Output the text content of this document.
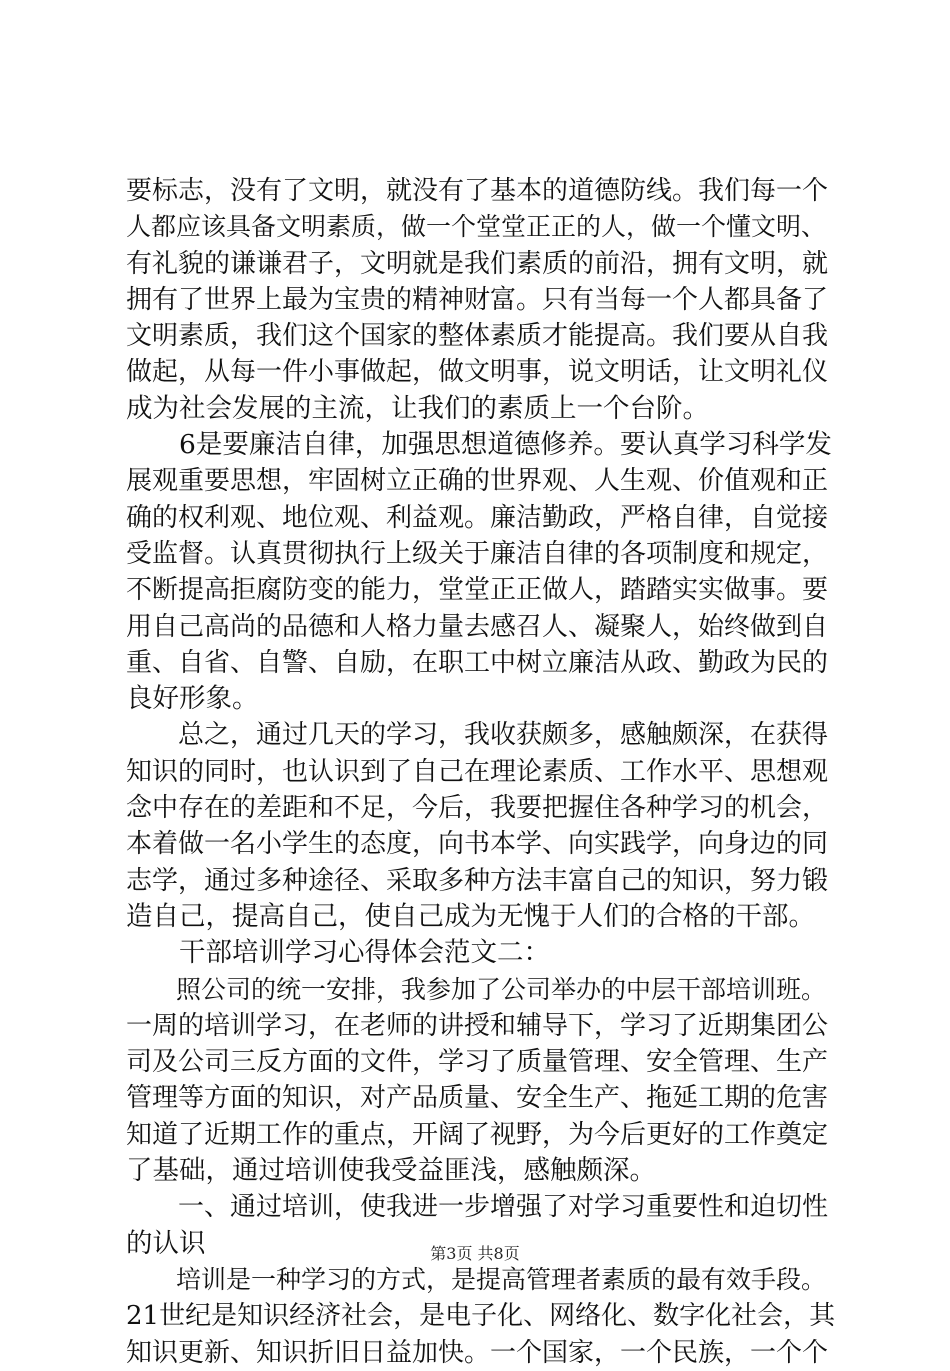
要标志，没有了文明，就没有了基本的道德防线。我们每一个
人都应该具备文明素质，做一个堂堂正正的人，做一个懂文明、
有礼貌的谦谦君子，文明就是我们素质的前沿，拥有文明，就
拥有了世界上最为宝贵的精神财富。只有当每一个人都具备了
文明素质，我们这个国家的整体素质才能提高。我们要从自我
做起，从每一件小事做起，做文明事，说文明话，让文明礼仪
成为社会发展的主流，让我们的素质上一个台阶。
　　6是要廉洁自律，加强思想道德修养。要认真学习科学发
展观重要思想，牢固树立正确的世界观、人生观、价值观和正
确的权利观、地位观、利益观。廉洁勤政，严格自律，自觉接
受监督。认真贯彻执行上级关于廉洁自律的各项制度和规定，
不断提高拒腐防变的能力，堂堂正正做人，踏踏实实做事。要
用自己高尚的品德和人格力量去感召人、凝聚人，始终做到自
重、自省、自警、自励，在职工中树立廉洁从政、勤政为民的
良好形象。
　　总之，通过几天的学习，我收获颇多，感触颇深，在获得
知识的同时，也认识到了自己在理论素质、工作水平、思想观
念中存在的差距和不足，今后，我要把握住各种学习的机会，
本着做一名小学生的态度，向书本学、向实践学，向身边的同
志学，通过多种途径、采取多种方法丰富自己的知识，努力锻
造自己，提高自己，使自己成为无愧于人们的合格的干部。
　　干部培训学习心得体会范文二：
　　照公司的统一安排，我参加了公司举办的中层干部培训班。
一周的培训学习，在老师的讲授和辅导下，学习了近期集团公
司及公司三反方面的文件，学习了质量管理、安全管理、生产
管理等方面的知识，对产品质量、安全生产、拖延工期的危害
知道了近期工作的重点，开阔了视野，为今后更好的工作奠定
了基础，通过培训使我受益匪浅，感触颇深。
　　一、通过培训，使我进一步增强了对学习重要性和迫切性
的认识
　　培训是一种学习的方式，是提高管理者素质的最有效手段。
21世纪是知识经济社会，是电子化、网络化、数字化社会，其
知识更新、知识折旧日益加快。一个国家，一个民族，一个个
第3页 共8页
